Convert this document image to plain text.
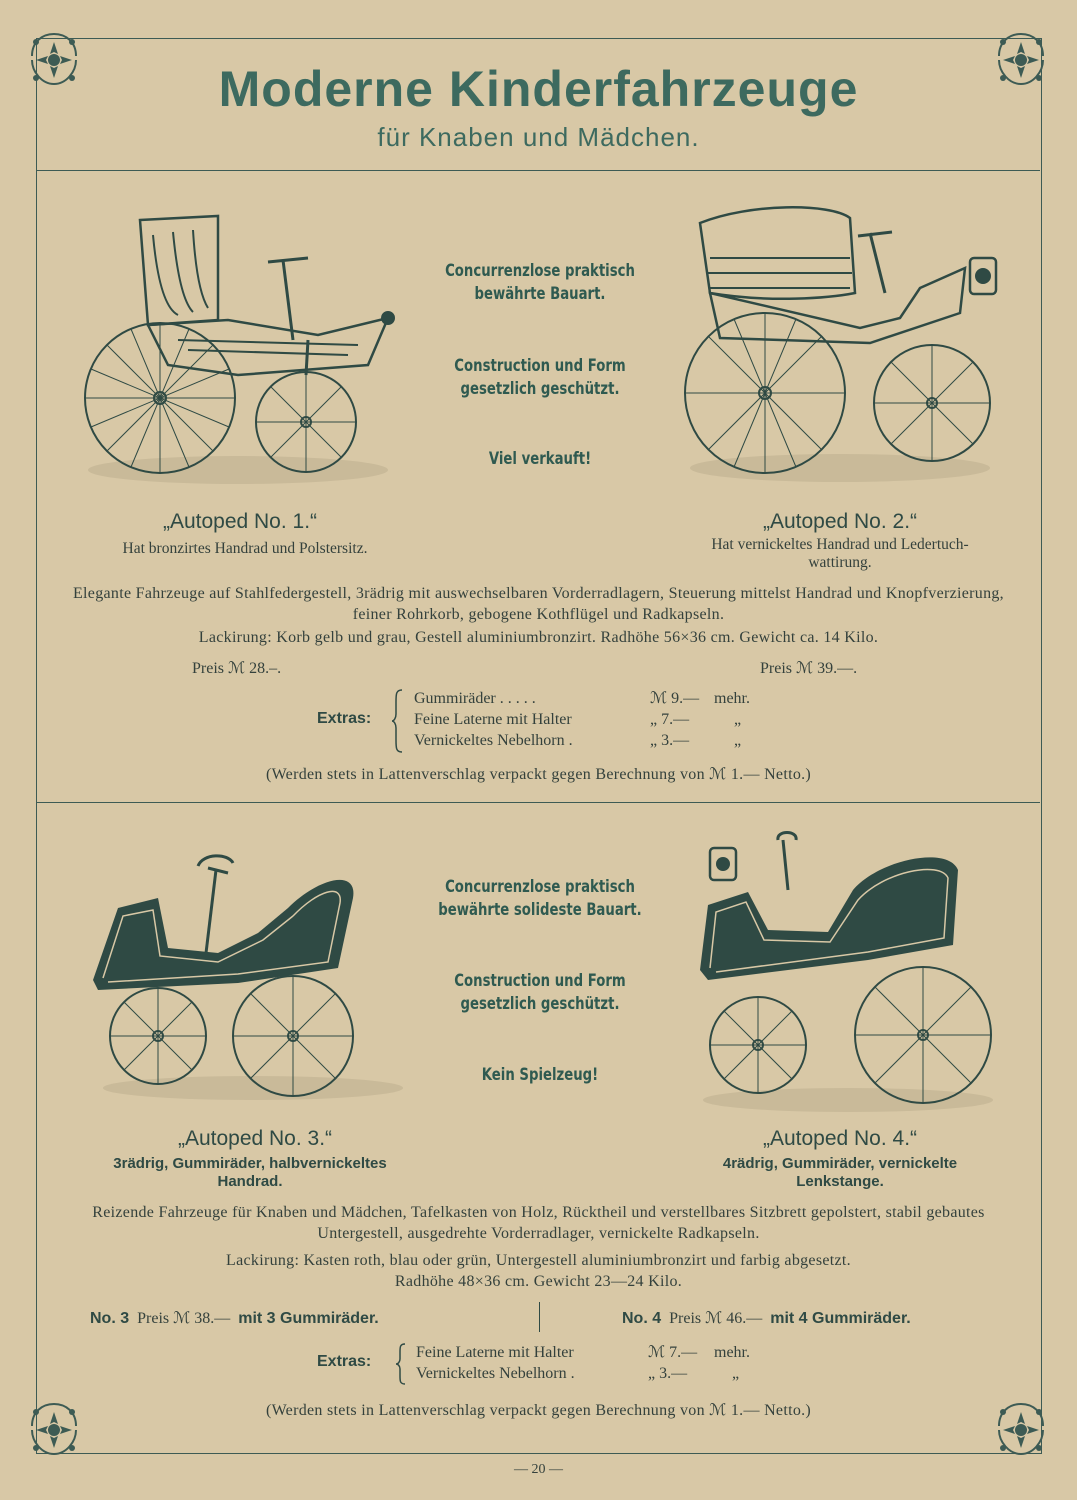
Moderne Kinderfahrzeuge
für Knaben und Mädchen.
Concurrenzlose praktisch
bewährte Bauart.
Construction und Form
gesetzlich geschützt.
Viel verkauft!
„Autoped No. 1.“
Hat bronzirtes Handrad und Polstersitz.
„Autoped No. 2.“
Hat vernickeltes Handrad und Ledertuch-
wattirung.
Elegante Fahrzeuge auf Stahlfedergestell, 3rädrig mit auswechselbaren Vorderradlagern, Steuerung mittelst Handrad und Knopfverzierung, feiner Rohrkorb, gebogene Kothflügel und Radkapseln.
Lackirung: Korb gelb und grau, Gestell aluminiumbronzirt. Radhöhe 56×36 cm. Gewicht ca. 14 Kilo.
Preis ℳ 28.–.	Preis ℳ 39.—.
Extras:
Gummiräder . . . . .	ℳ 9.— mehr.
Feine Laterne mit Halter	„ 7.—	„
Vernickeltes Nebelhorn .	„ 3.—	„
(Werden stets in Lattenverschlag verpackt gegen Berechnung von ℳ 1.— Netto.)
Concurrenzlose praktisch
bewährte solideste Bauart.
Construction und Form
gesetzlich geschützt.
Kein Spielzeug!
„Autoped No. 3.“
3rädrig, Gummiräder, halbvernickeltes
Handrad.
„Autoped No. 4.“
4rädrig, Gummiräder, vernickelte
Lenkstange.
Reizende Fahrzeuge für Knaben und Mädchen, Tafelkasten von Holz, Rücktheil und verstellbares Sitzbrett gepolstert, stabil gebautes Untergestell, ausgedrehte Vorderradlager, vernickelte Radkapseln.
Lackirung: Kasten roth, blau oder grün, Untergestell aluminiumbronzirt und farbig abgesetzt.
Radhöhe 48×36 cm. Gewicht 23—24 Kilo.
No. 3 Preis ℳ 38.— mit 3 Gummiräder.	No. 4 Preis ℳ 46.— mit 4 Gummiräder.
Extras:
Feine Laterne mit Halter	ℳ 7.— mehr.
Vernickeltes Nebelhorn .	„ 3.—	„
(Werden stets in Lattenverschlag verpackt gegen Berechnung von ℳ 1.— Netto.)
— 20 —
